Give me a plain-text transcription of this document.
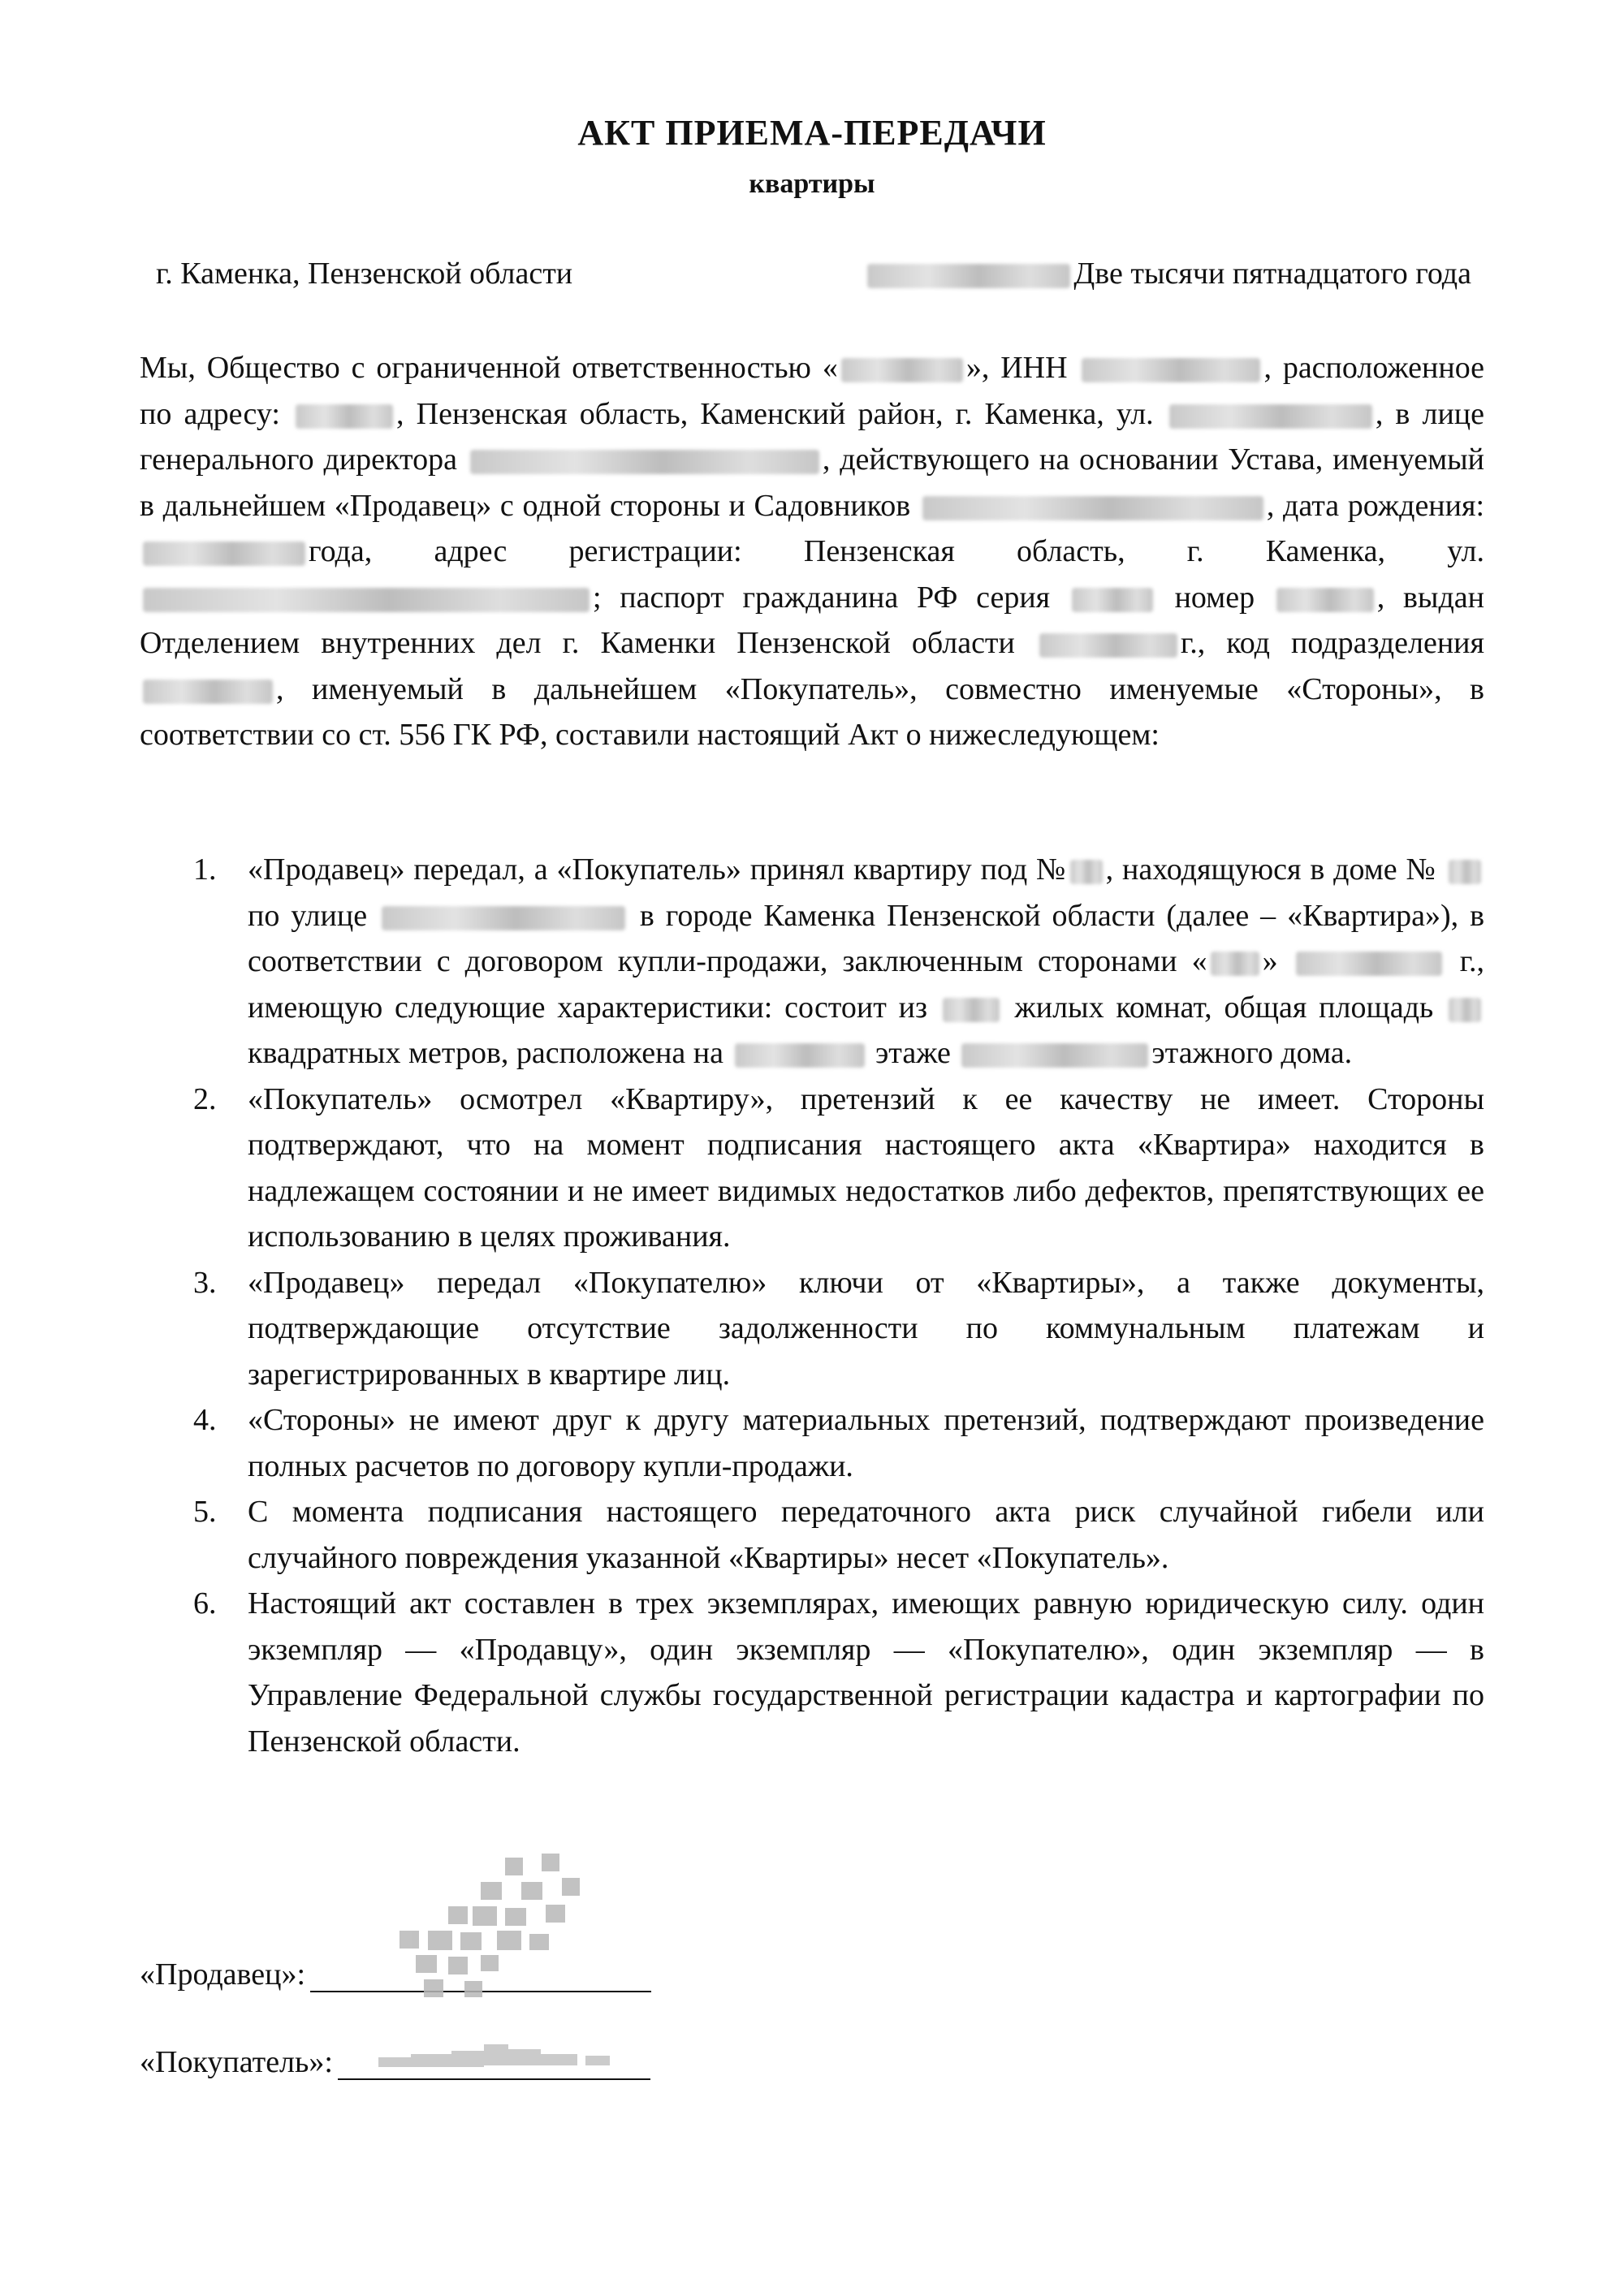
АКТ ПРИЕМА-ПЕРЕДАЧИ
квартиры
г. Каменка, Пензенской области	Две тысячи пятнадцатого года
Мы, Общество с ограниченной ответственностью «	», ИНН	, расположенное по адресу:	, Пензенская область, Каменский район, г. Каменка, ул.	, в лице генерального директора	, действующего на основании Устава, именуемый в дальнейшем «Продавец» с одной стороны и Садовников	, дата рождения: года, адрес регистрации: Пензенская область, г. Каменка, ул. ; паспорт гражданина РФ серия	номер	, выдан Отделением внутренних дел г. Каменки Пензенской области	г., код подразделения , именуемый в дальнейшем «Покупатель», совместно именуемые «Стороны», в соответствии со ст. 556 ГК РФ, составили настоящий Акт о нижеследующем:
1. «Продавец» передал, а «Покупатель» принял квартиру под № , находящуюся в доме №  по улице	в городе Каменка Пензенской области (далее – «Квартира»), в соответствии с договором купли-продажи, заключенным сторонами « »	г., имеющую следующие характеристики: состоит из	жилых комнат, общая площадь  квадратных метров, расположена на	этаже	этажного дома.
2. «Покупатель» осмотрел «Квартиру», претензий к ее качеству не имеет. Стороны подтверждают, что на момент подписания настоящего акта «Квартира» находится в надлежащем состоянии и не имеет видимых недостатков либо дефектов, препятствующих ее использованию в целях проживания.
3. «Продавец» передал «Покупателю» ключи от «Квартиры», а также документы, подтверждающие отсутствие задолженности по коммунальным платежам и зарегистрированных в квартире лиц.
4. «Стороны» не имеют друг к другу материальных претензий, подтверждают произведение полных расчетов по договору купли-продажи.
5. С момента подписания настоящего передаточного акта риск случайной гибели или случайного повреждения указанной «Квартиры» несет «Покупатель».
6. Настоящий акт составлен в трех экземплярах, имеющих равную юридическую силу. один экземпляр — «Продавцу», один экземпляр — «Покупателю», один экземпляр — в Управление Федеральной службы государственной регистрации кадастра и картографии по Пензенской области.
«Продавец»:
«Покупатель»:
